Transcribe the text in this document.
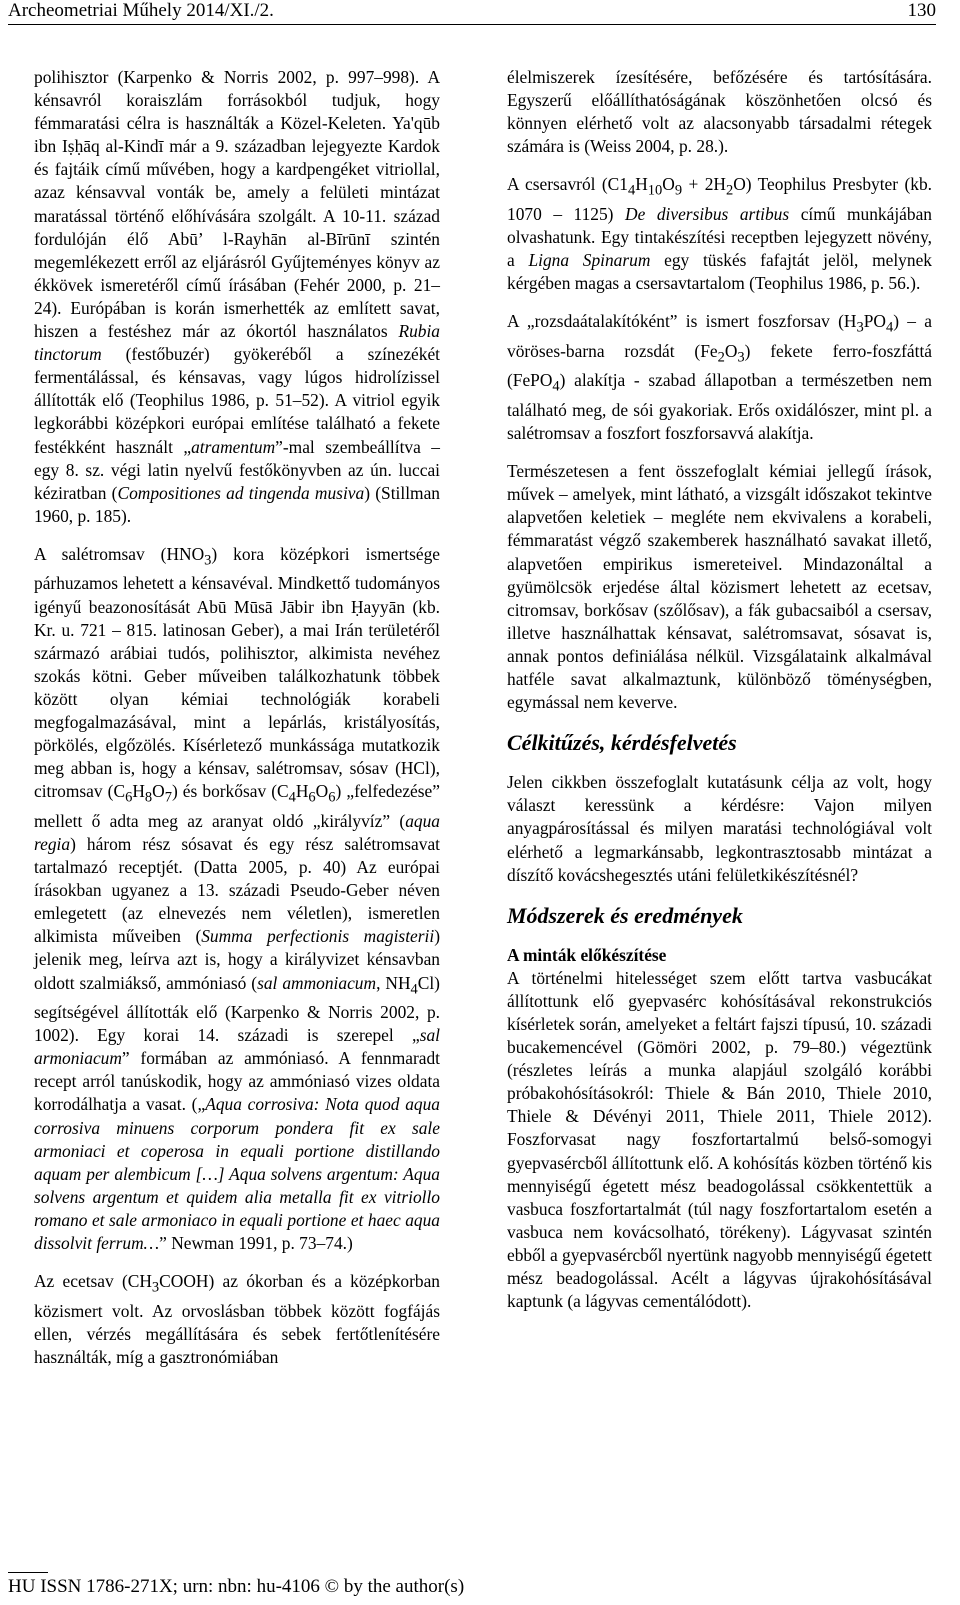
Archeometriai Műhely 2014/XI./2.	130

polihisztor (Karpenko & Norris 2002, p. 997–998). A kénsavról koraiszlám forrásokból tudjuk, hogy fémmaratási célra is használták a Közel-Keleten. Ya'qūb ibn Iṣḥāq al-Kindī már a 9. században lejegyezte Kardok és fajtáik című művében, hogy a kardpengéket vitriollal, azaz kénsavval vonták be, amely a felületi mintázat maratással történő előhívására szolgált. A 10-11. század fordulóján élő Abū’ l-Rayhān al-Bīrūnī szintén megemlékezett erről az eljárásról Gyűjteményes könyv az ékkövek ismeretéről című írásában (Fehér 2000, p. 21–24). Európában is korán ismerhették az említett savat, hiszen a festéshez már az ókortól használatos Rubia tinctorum (festőbuzér) gyökeréből a színezékét fermentálással, és kénsavas, vagy lúgos hidrolízissel állították elő (Teophilus 1986, p. 51–52). A vitriol egyik legkorábbi középkori európai említése található a fekete festékként használt „atramentum”-mal szembeállítva – egy 8. sz. végi latin nyelvű festőkönyvben az ún. luccai kéziratban (Compositiones ad tingenda musiva) (Stillman 1960, p. 185).

A salétromsav $(HNO_3)$ kora középkori ismertsége párhuzamos lehetett a kénsavéval. Mindkettő tudományos igényű beazonosítását Abū Mūsā Jābir ibn Ḥayyān (kb. Kr. u. 721 – 815. latinosan Geber), a mai Irán területéről származó arábiai tudós, polihisztor, alkimista nevéhez szokás kötni. Geber műveiben találkozhatunk többek között olyan kémiai technológiák korabeli megfogalmazásával, mint a lepárlás, kristályosítás, pörkölés, elgőzölés. Kísérletező munkássága mutatkozik meg abban is, hogy a kénsav, salétromsav, sósav (HCl), citromsav $(C_6H_8O_7)$ és borkősav $(C_4H_6O_6)$ „felfedezése” mellett ő adta meg az aranyat oldó „királyvíz” (aqua regia) három rész sósavat és egy rész salétromsavat tartalmazó receptjét. (Datta 2005, p. 40) Az európai írásokban ugyanez a 13. századi Pseudo-Geber néven emlegetett (az elnevezés nem véletlen), ismeretlen alkimista műveiben (Summa perfectionis magisterii) jelenik meg, leírva azt is, hogy a királyvizet kénsavban oldott szalmiákső, ammóniasó (sal ammoniacum, $NH_4Cl$) segítségével állították elő (Karpenko & Norris 2002, p. 1002). Egy korai 14. századi is szerepel „sal armoniacum” formában az ammóniasó. A fennmaradt recept arról tanúskodik, hogy az ammóniasó vizes oldata korrodálhatja a vasat. („Aqua corrosiva: Nota quod aqua corrosiva minuens corporum pondera fit ex sale armoniaci et coperosa in equali portione distillando aquam per alembicum […] Aqua solvens argentum: Aqua solvens argentum et quidem alia metalla fit ex vitriollo romano et sale armoniaco in equali portione et haec aqua dissolvit ferrum…” Newman 1991, p. 73–74.)

Az ecetsav $(CH_3COOH)$ az ókorban és a középkorban közismert volt. Az orvoslásban többek között fogfájás ellen, vérzés megállítására és sebek fertőtlenítésére használták, míg a gasztronómiában

élelmiszerek ízesítésére, befőzésére és tartósítására. Egyszerű előállíthatóságának köszönhetően olcsó és könnyen elérhető volt az alacsonyabb társadalmi rétegek számára is (Weiss 2004, p. 28.).

A csersavról $(C1_4H_{10}O_9 + 2H_2O)$ Teophilus Presbyter (kb. 1070 – 1125) De diversibus artibus című munkájában olvashatunk. Egy tintakészítési receptben lejegyzett növény, a Ligna Spinarum egy tüskés fafajtát jelöl, melynek kérgében magas a csersavtartalom (Teophilus 1986, p. 56.).

A „rozsdaátalakítóként” is ismert foszforsav $(H_3PO_4)$ – a vöröses-barna rozsdát $(Fe_2O_3)$ fekete ferro-foszfáttá (FePO$_4$) alakítja - szabad állapotban a természetben nem található meg, de sói gyakoriak. Erős oxidálószer, mint pl. a salétromsav a foszfort foszforsavvá alakítja.

Természetesen a fent összefoglalt kémiai jellegű írások, művek – amelyek, mint látható, a vizsgált időszakot tekintve alapvetően keletiek – megléte nem ekvivalens a korabeli, fémmaratást végző szakemberek használható savakat illető, alapvetően empirikus ismereteivel. Mindazonáltal a gyümölcsök erjedése által közismert lehetett az ecetsav, citromsav, borkősav (szőlősav), a fák gubacsaiból a csersav, illetve használhattak kénsavat, salétromsavat, sósavat is, annak pontos definiálása nélkül. Vizsgálataink alkalmával hatféle savat alkalmaztunk, különböző töménységben, egymással nem keverve.

Célkitűzés, kérdésfelvetés

Jelen cikkben összefoglalt kutatásunk célja az volt, hogy választ keressünk a kérdésre: Vajon milyen anyagpárosítással és milyen maratási technológiával volt elérhető a legmarkánsabb, legkontrasztosabb mintázat a díszítő kovácshegesztés utáni felületkikészítésnél?

Módszerek és eredmények
A minták előkészítése

A történelmi hitelességet szem előtt tartva vasbucákat állítottunk elő gyepvasérc kohósításával rekonstrukciós kísérletek során, amelyeket a feltárt fajszi típusú, 10. századi bucakemencével (Gömöri 2002, p. 79–80.) végeztünk (részletes leírás a munka alapjául szolgáló korábbi próbakohósításokról: Thiele & Bán 2010, Thiele 2010, Thiele & Dévényi 2011, Thiele 2011, Thiele 2012). Foszforvasat nagy foszfortartalmú belső-somogyi gyepvasércből állítottunk elő. A kohósítás közben történő kis mennyiségű égetett mész beadogolással csökkentettük a vasbuca foszfortartalmát (túl nagy foszfortartalom esetén a vasbuca nem kovácsolható, törékeny). Lágyvasat szintén ebből a gyepvasércből nyertünk nagyobb mennyiségű égetett mész beadogolással. Acélt a lágyvas újrakohósításával kaptunk (a lágyvas cementálódott).

HU ISSN 1786-271X; urn: nbn: hu-4106 © by the author(s)
